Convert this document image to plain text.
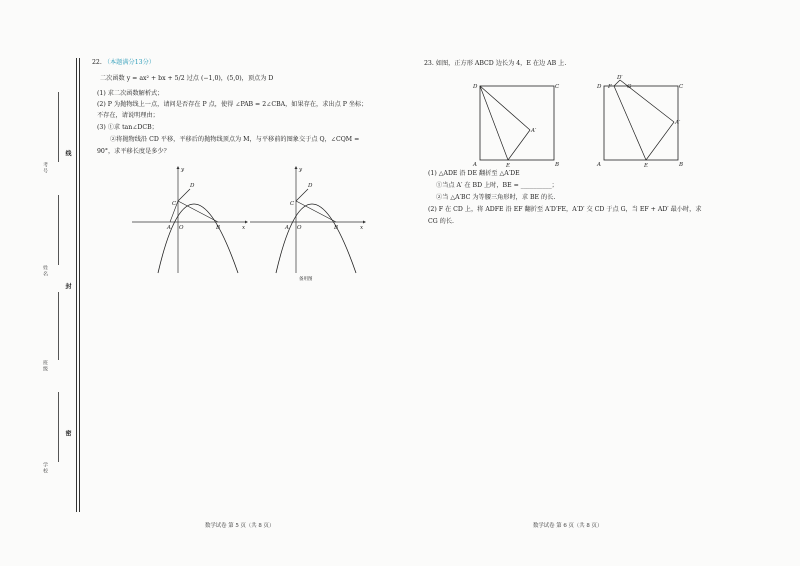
考号
姓名
班级
学校
线
封
密
22. （本题满分13分）
二次函数 y = ax² + bx + 5/2 过点 (−1,0)，(5,0)，顶点为 D
(1) 求二次函数解析式；
(2) P 为抛物线上一点，请问是否存在 P 点，使得 ∠PAB = 2∠CBA，如果存在，求出点 P 坐标；
不存在，请说明理由；
(3) ①求 tan∠DCB；
②将抛物线沿 CD 平移，平移后的抛物线顶点为 M，与平移前的图象交于点 Q，∠CQM =
90°，求平移长度是多少？
D
C
A O	B	x
y
D
C
A O	B	x
y
备用图
23. 如图，正方形 ABCD 边长为 4，E 在边 AB 上.
D	C
A	B
E
A′
D F
D′
G	C
A′
A	E	B
(1) △ADE 沿 DE 翻折至 △A′DE
①当点 A′ 在 BD 上时，BE = __________；
②当 △A′BC 为等腰三角形时，求 BE 的长.
(2) F 在 CD 上，将 ADFE 沿 EF 翻折至 A′D′FE，A′D′ 交 CD 于点 G，当 EF + AD′ 最小时，求
CG 的长.
数学试卷 第 5 页（共 8 页）	数学试卷 第 6 页（共 8 页）
